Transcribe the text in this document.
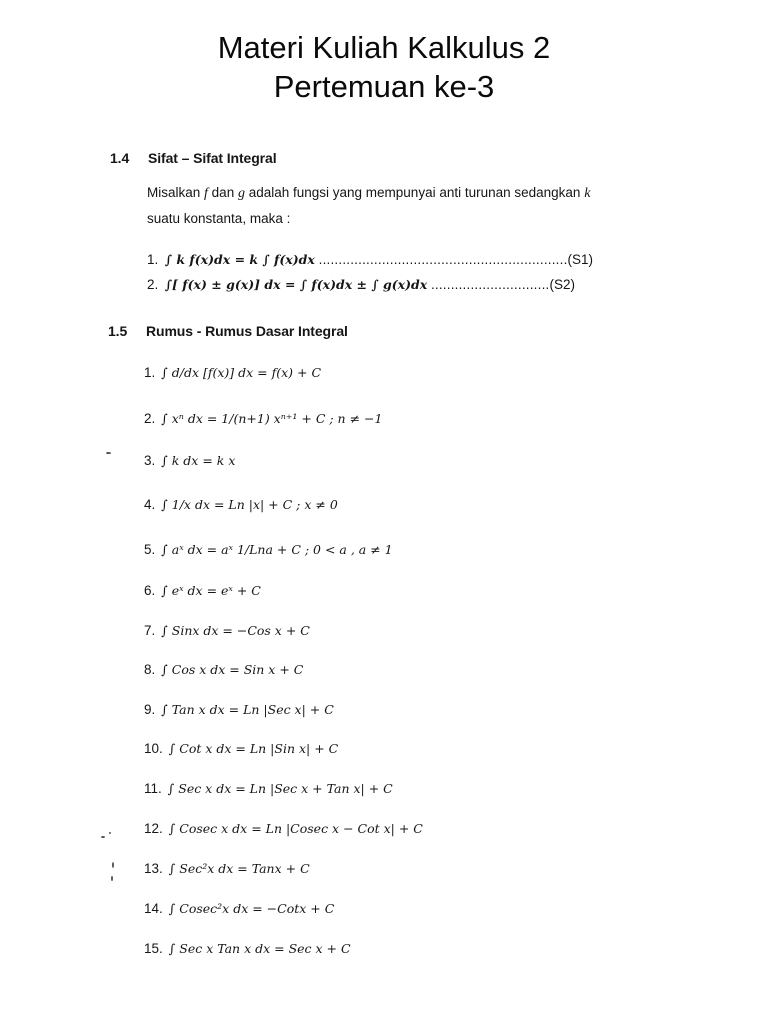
Materi Kuliah Kalkulus 2
Pertemuan ke-3
1.4 Sifat – Sifat Integral
Misalkan f dan g adalah fungsi yang mempunyai anti turunan sedangkan k
suatu konstanta, maka :
1. ∫ k f(x)dx = k ∫ f(x)dx ...............................................................(S1)
2. ∫[ f(x) ± g(x)] dx = ∫ f(x)dx ± ∫ g(x)dx ..............................(S2)
1.5 Rumus - Rumus Dasar Integral
1. ∫ d/dx [f(x)] dx = f(x) + C
2. ∫ xⁿ dx = 1/(n+1) xⁿ⁺¹ + C ; n ≠ −1
3. ∫ k dx = k x
4. ∫ 1/x dx = Ln |x| + C ; x ≠ 0
5. ∫ aˣ dx = aˣ 1/Lna + C ; 0 < a , a ≠ 1
6. ∫ eˣ dx = eˣ + C
7. ∫ Sinx dx = −Cos x + C
8. ∫ Cos x dx = Sin x + C
9. ∫ Tan x dx = Ln |Sec x| + C
10. ∫ Cot x dx = Ln |Sin x| + C
11. ∫ Sec x dx = Ln |Sec x + Tan x| + C
12. ∫ Cosec x dx = Ln |Cosec x − Cot x| + C
13. ∫ Sec²x dx = Tanx + C
14. ∫ Cosec²x dx = −Cotx + C
15. ∫ Sec x Tan x dx = Sec x + C
